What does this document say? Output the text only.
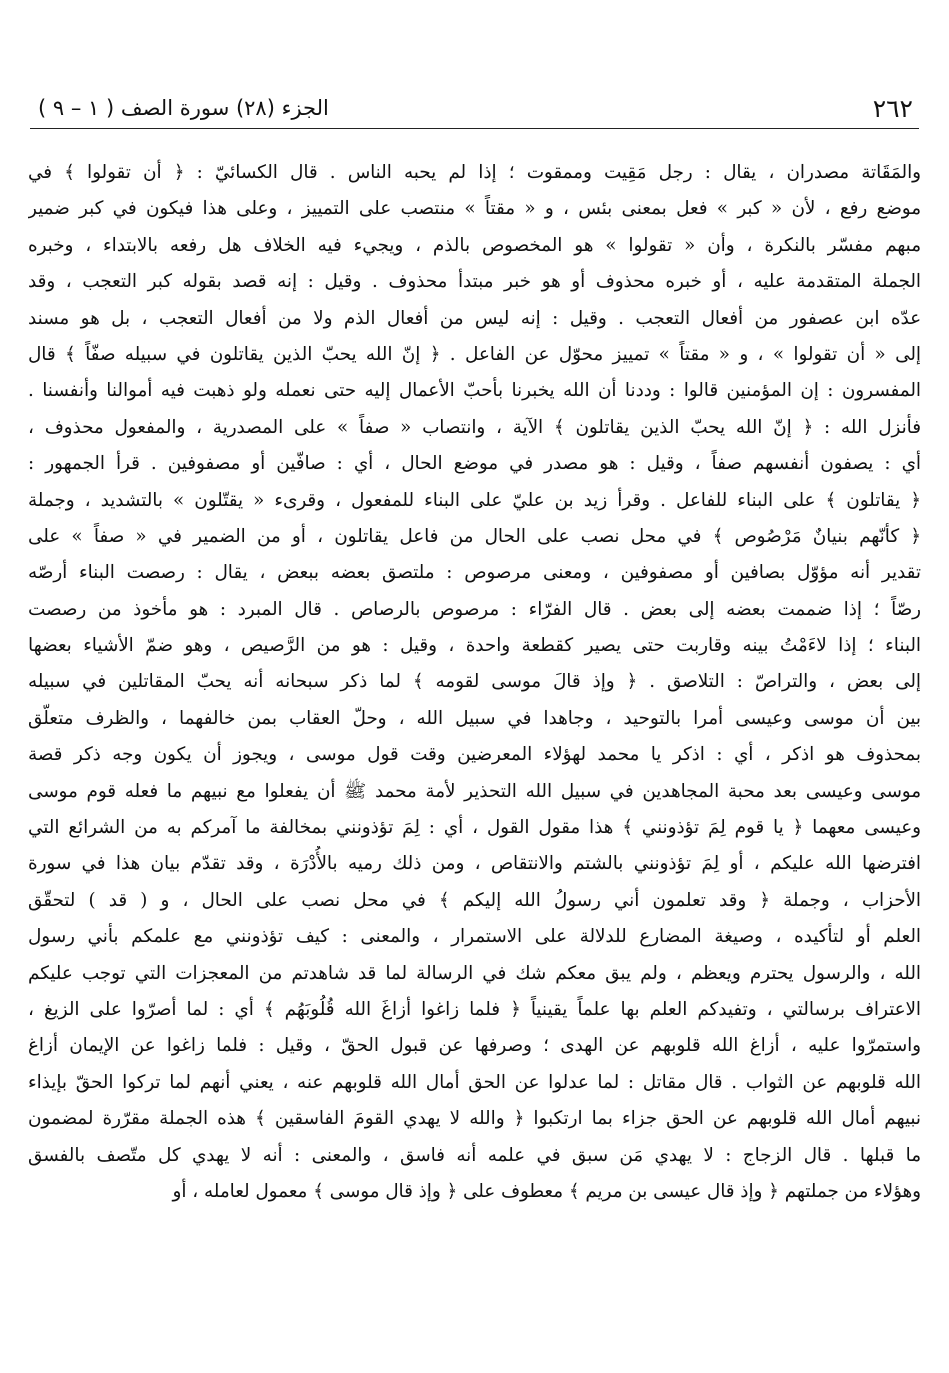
٢٦٢
الجزء (٢٨) سورة الصف ( ١ – ٩ )
والمَقَاتة مصدران ، يقال : رجل مَقِيت وممقوت ؛ إذا لم يحبه الناس . قال الكسائيّ : ﴿ أن تقولوا ﴾ في
موضع رفع ، لأن « كبر » فعل بمعنى بئس ، و « مقتاً » منتصب على التمييز ، وعلى هذا فيكون في كبر ضمير
مبهم مفسّر بالنكرة ، وأن « تقولوا » هو المخصوص بالذم ، ويجيء فيه الخلاف هل رفعه بالابتداء ، وخبره
الجملة المتقدمة عليه ، أو خبره محذوف أو هو خبر مبتدأ محذوف . وقيل : إنه قصد بقوله كبر التعجب ، وقد
عدّه ابن عصفور من أفعال التعجب . وقيل : إنه ليس من أفعال الذم ولا من أفعال التعجب ، بل هو مسند
إلى « أن تقولوا » ، و « مقتاً » تمييز محوّل عن الفاعل . ﴿ إنّ الله يحبّ الذين يقاتلون في سبيله صفّاً ﴾ قال
المفسرون : إن المؤمنين قالوا : وددنا أن الله يخبرنا بأحبّ الأعمال إليه حتى نعمله ولو ذهبت فيه أموالنا وأنفسنا .
فأنزل الله : ﴿ إنّ الله يحبّ الذين يقاتلون ﴾ الآية ، وانتصاب « صفاً » على المصدرية ، والمفعول محذوف ،
أي : يصفون أنفسهم صفاً ، وقيل : هو مصدر في موضع الحال ، أي : صافّين أو مصفوفين . قرأ الجمهور :
﴿ يقاتلون ﴾ على البناء للفاعل . وقرأ زيد بن عليّ على البناء للمفعول ، وقرىء « يقتّلون » بالتشديد ، وجملة
﴿ كأنّهم بنيانٌ مَرْصُوص ﴾ في محل نصب على الحال من فاعل يقاتلون ، أو من الضمير في « صفاً » على
تقدير أنه مؤوّل بصافين أو مصفوفين ، ومعنى مرصوص : ملتصق بعضه ببعض ، يقال : رصصت البناء أرصّه
رصّاً ؛ إذا ضممت بعضه إلى بعض . قال الفرّاء : مرصوص بالرصاص . قال المبرد : هو مأخوذ من رصصت
البناء ؛ إذا لاءَمْتُ بينه وقاربت حتى يصير كقطعة واحدة ، وقيل : هو من الرَّصيص ، وهو ضمّ الأشياء بعضها
إلى بعض ، والتراصّ : التلاصق . ﴿ وإذ قالَ موسى لقومه ﴾ لما ذكر سبحانه أنه يحبّ المقاتلين في سبيله
بين أن موسى وعيسى أمرا بالتوحيد ، وجاهدا في سبيل الله ، وحلّ العقاب بمن خالفهما ، والظرف متعلّق
بمحذوف هو اذكر ، أي : اذكر يا محمد لهؤلاء المعرضين وقت قول موسى ، ويجوز أن يكون وجه ذكر قصة
موسى وعيسى بعد محبة المجاهدين في سبيل الله التحذير لأمة محمد ﷺ أن يفعلوا مع نبيهم ما فعله قوم موسى
وعيسى معهما ﴿ يا قوم لِمَ تؤذونني ﴾ هذا مقول القول ، أي : لِمَ تؤذونني بمخالفة ما آمركم به من الشرائع التي
افترضها الله عليكم ، أو لِمَ تؤذونني بالشتم والانتقاص ، ومن ذلك رميه بالأُدْرَة ، وقد تقدّم بيان هذا في سورة
الأحزاب ، وجملة ﴿ وقد تعلمون أني رسولُ الله إليكم ﴾ في محل نصب على الحال ، و ( قد ) لتحقّق
العلم أو لتأكيده ، وصيغة المضارع للدلالة على الاستمرار ، والمعنى : كيف تؤذونني مع علمكم بأني رسول
الله ، والرسول يحترم ويعظم ، ولم يبق معكم شك في الرسالة لما قد شاهدتم من المعجزات التي توجب عليكم
الاعتراف برسالتي ، وتفيدكم العلم بها علماً يقينياً ﴿ فلما زاغوا أزاغَ الله قُلُوبَهُم ﴾ أي : لما أصرّوا على الزيغ ،
واستمرّوا عليه ، أزاغ الله قلوبهم عن الهدى ؛ وصرفها عن قبول الحقّ ، وقيل : فلما زاغوا عن الإيمان أزاغ
الله قلوبهم عن الثواب . قال مقاتل : لما عدلوا عن الحق أمال الله قلوبهم عنه ، يعني أنهم لما تركوا الحقّ بإيذاء
نبيهم أمال الله قلوبهم عن الحق جزاء بما ارتكبوا ﴿ والله لا يهدي القومَ الفاسقين ﴾ هذه الجملة مقرّرة لمضمون
ما قبلها . قال الزجاج : لا يهدي مَن سبق في علمه أنه فاسق ، والمعنى : أنه لا يهدي كل متّصف بالفسق
وهؤلاء من جملتهم ﴿ وإذ قال عيسى بن مريم ﴾ معطوف على ﴿ وإذ قال موسى ﴾ معمول لعامله ، أو
